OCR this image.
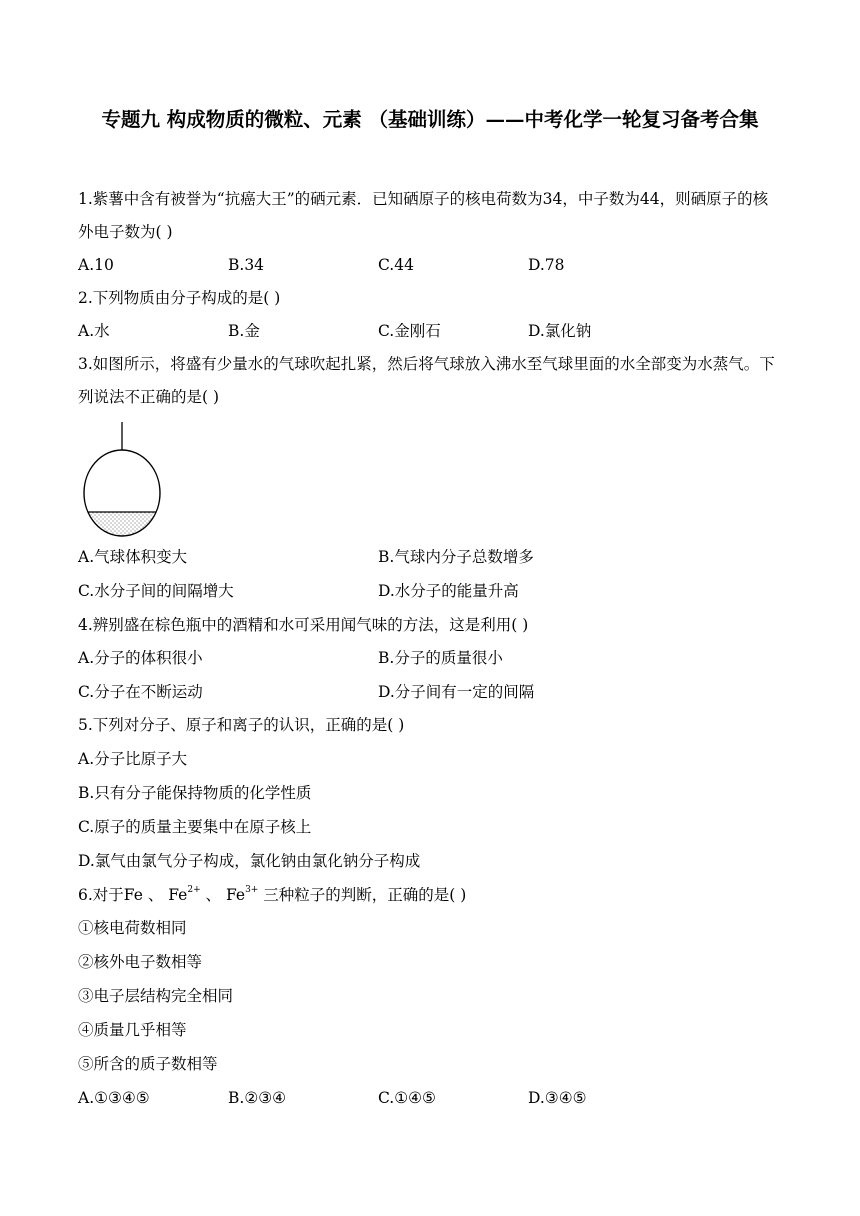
专题九 构成物质的微粒、元素 （基础训练）——中考化学一轮复习备考合集
1.紫薯中含有被誉为“抗癌大王”的硒元素．已知硒原子的核电荷数为34，中子数为44，则硒原子的核外电子数为( )
A.10	B.34	C.44	D.78
2.下列物质由分子构成的是( )
A.水	B.金	C.金刚石	D.氯化钠
3.如图所示，将盛有少量水的气球吹起扎紧，然后将气球放入沸水至气球里面的水全部变为水蒸气。下列说法不正确的是( )
A.气球体积变大	B.气球内分子总数增多
C.水分子间的间隔增大	D.水分子的能量升高
4.辨别盛在棕色瓶中的酒精和水可采用闻气味的方法，这是利用( )
A.分子的体积很小	B.分子的质量很小
C.分子在不断运动	D.分子间有一定的间隔
5.下列对分子、原子和离子的认识，正确的是( )
A.分子比原子大
B.只有分子能保持物质的化学性质
C.原子的质量主要集中在原子核上
D.氯气由氯气分子构成，氯化钠由氯化钠分子构成
6.对于Fe 、 $Fe^{2+}$ 、 $Fe^{3+}$ 三种粒子的判断，正确的是( )
①核电荷数相同
②核外电子数相等
③电子层结构完全相同
④质量几乎相等
⑤所含的质子数相等
A.①③④⑤	B.②③④	C.①④⑤	D.③④⑤
